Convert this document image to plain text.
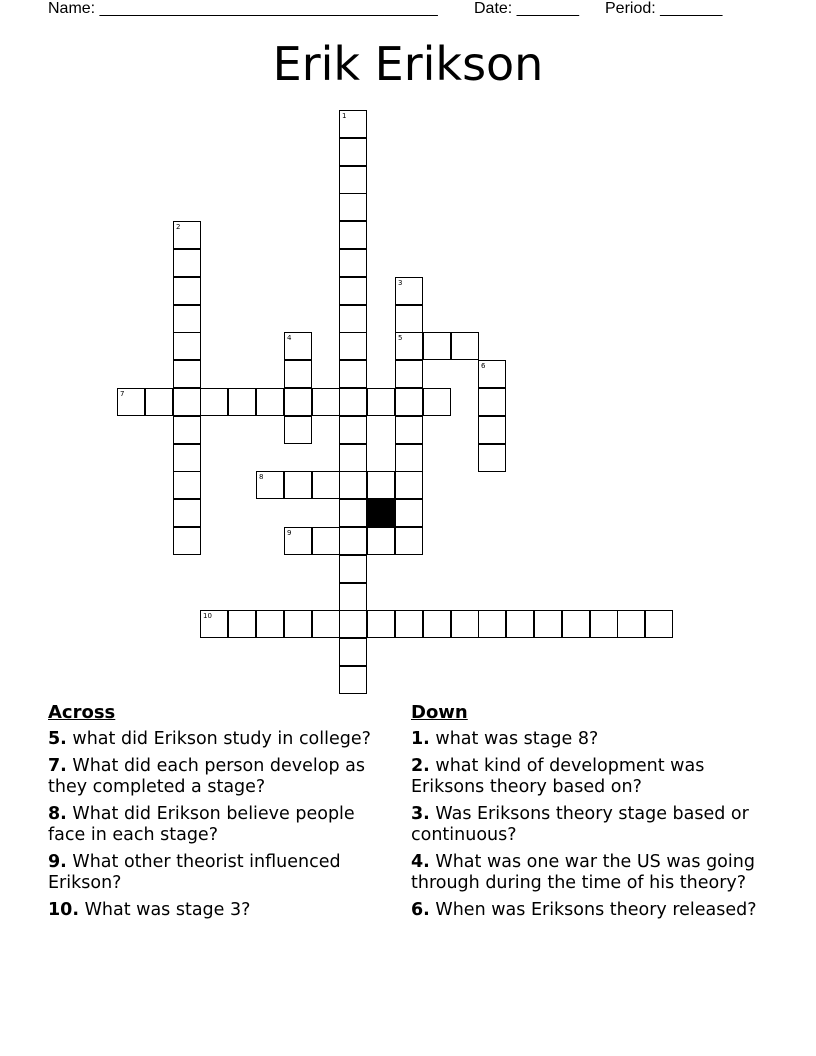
Name: ______________________________________ Date: _______ Period: _______
Erik Erikson
1
2
3
5
4
6
7
8
9
10
Across
5. what did Erikson study in college?
7. What did each person develop as they completed a stage?
8. What did Erikson believe people face in each stage?
9. What other theorist influenced Erikson?
10. What was stage 3?
Down
1. what was stage 8?
2. what kind of development was Eriksons theory based on?
3. Was Eriksons theory stage based or continuous?
4. What was one war the US was going through during the time of his theory?
6. When was Eriksons theory released?
